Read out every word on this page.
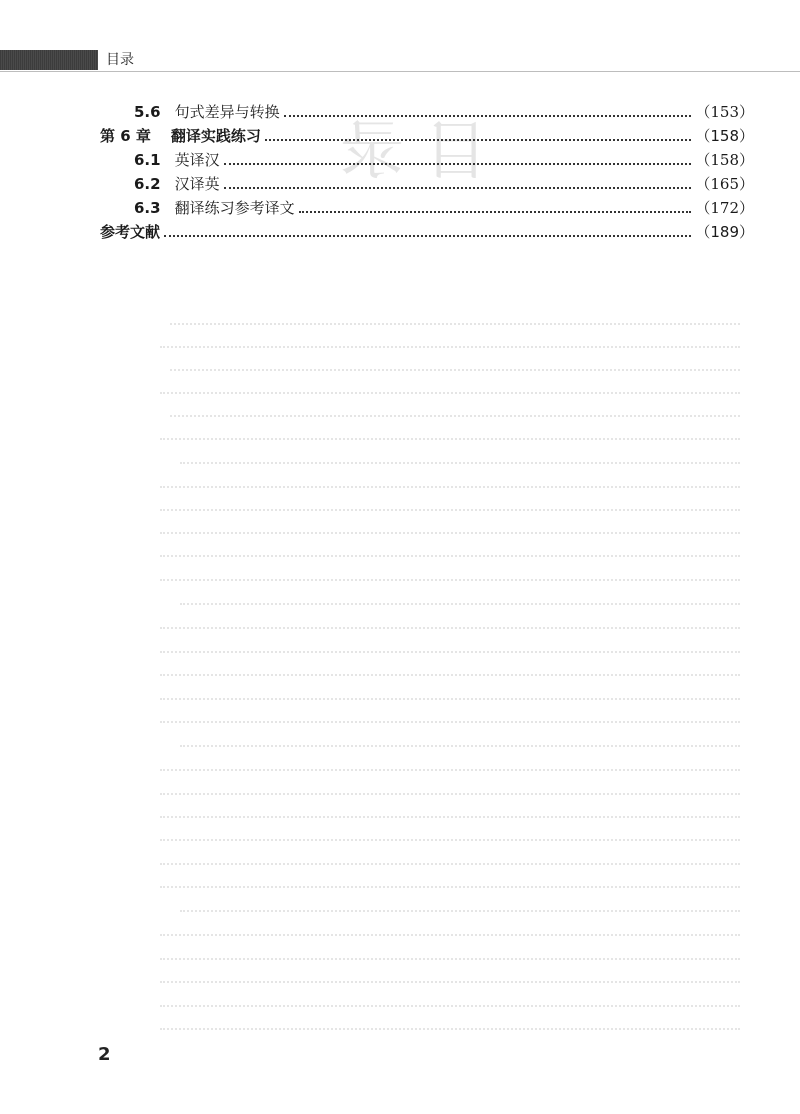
目录
目 录
5.6 句式差异与转换	（153）
第 6 章 翻译实践练习	（158）
6.1 英译汉	（158）
6.2 汉译英	（165）
6.3 翻译练习参考译文	（172）
参考文献	（189）
2
